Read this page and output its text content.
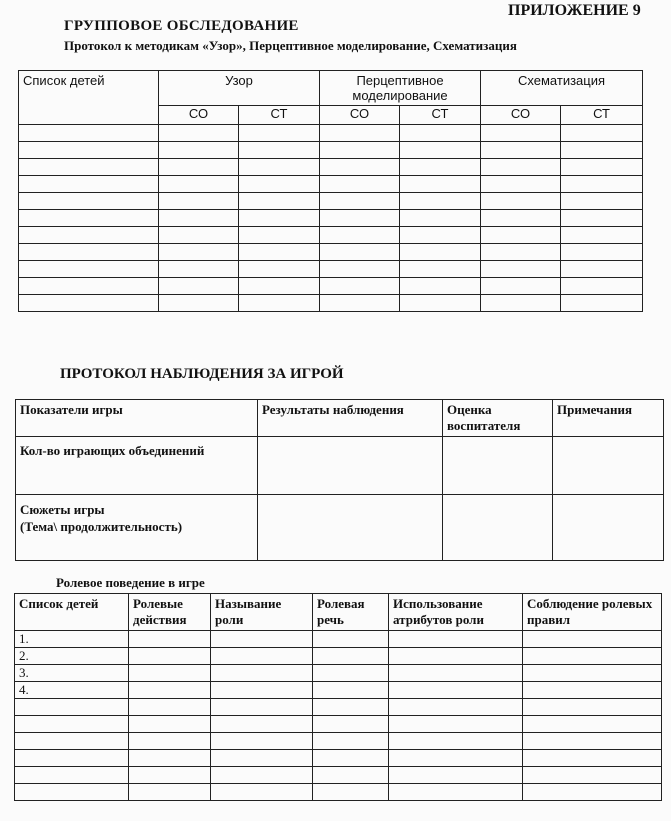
ПРИЛОЖЕНИЕ 9
ГРУППОВОЕ ОБСЛЕДОВАНИЕ
Протокол к методикам «Узор», Перцептивное моделирование, Схематизация
Список детей	Узор		Перцептивное моделирование		Схематизация	
	СО	СТ	СО	СТ	СО	СТ

ПРОТОКОЛ НАБЛЮДЕНИЯ ЗА ИГРОЙ
Показатели игры	Результаты наблюдения	Оценка воспитателя	Примечания
Кол-во играющих объединений			

Сюжеты игры
(Тема\ продолжительность)			

Ролевое поведение в игре
Список детей	Ролевые действия	Называние роли	Ролевая речь	Использование атрибутов роли	Соблюдение ролевых правил
1.					
2.					
3.					
4.					
